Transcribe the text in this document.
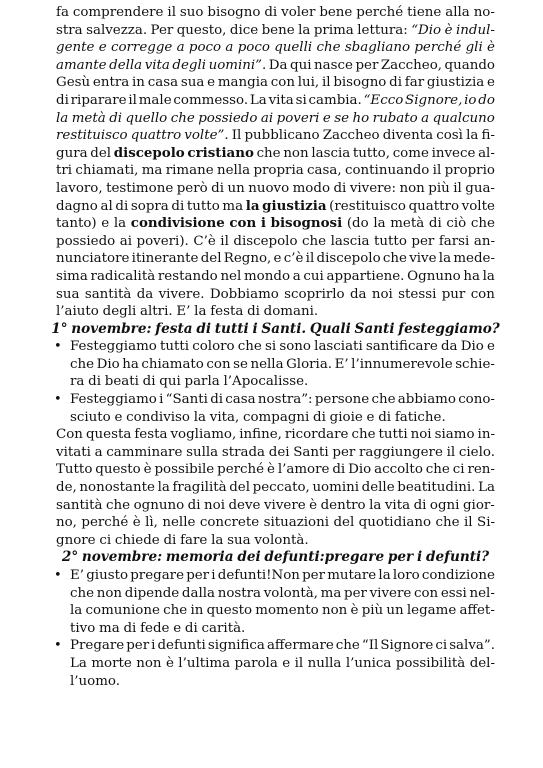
fa comprendere il suo bisogno di voler bene perché tiene alla no-
stra salvezza. Per questo, dice bene la prima lettura: “Dio è indul-
gente e corregge a poco a poco quelli che sbagliano perché gli è
amante della vita degli uomini”. Da qui nasce per Zaccheo, quando
Gesù entra in casa sua e mangia con lui, il bisogno di far giustizia e
di riparare il male commesso. La vita si cambia. “Ecco Signore, io do
la metà di quello che possiedo ai poveri e se ho rubato a qualcuno
restituisco quattro volte”. Il pubblicano Zaccheo diventa così la fi-
gura del discepolo cristiano che non lascia tutto, come invece al-
tri chiamati, ma rimane nella propria casa, continuando il proprio
lavoro, testimone però di un nuovo modo di vivere: non più il gua-
dagno al di sopra di tutto ma la giustizia (restituisco quattro volte
tanto) e la condivisione con i bisognosi (do la metà di ciò che
possiedo ai poveri). C’è il discepolo che lascia tutto per farsi an-
nunciatore itinerante del Regno, e c’è il discepolo che vive la mede-
sima radicalità restando nel mondo a cui appartiene. Ognuno ha la
sua santità da vivere. Dobbiamo scoprirlo da noi stessi pur con
l’aiuto degli altri. E’ la festa di domani.
1° novembre: festa di tutti i Santi. Quali Santi festeggiamo?
• Festeggiamo tutti coloro che si sono lasciati santificare da Dio e
che Dio ha chiamato con se nella Gloria. E’ l’innumerevole schie-
ra di beati di qui parla l’Apocalisse.
• Festeggiamo i “Santi di casa nostra”: persone che abbiamo cono-
sciuto e condiviso la vita, compagni di gioie e di fatiche.
Con questa festa vogliamo, infine, ricordare che tutti noi siamo in-
vitati a camminare sulla strada dei Santi per raggiungere il cielo.
Tutto questo è possibile perché è l’amore di Dio accolto che ci ren-
de, nonostante la fragilità del peccato, uomini delle beatitudini. La
santità che ognuno di noi deve vivere è dentro la vita di ogni gior-
no, perché è lì, nelle concrete situazioni del quotidiano che il Si-
gnore ci chiede di fare la sua volontà.
2° novembre: memoria dei defunti:pregare per i defunti?
• E’ giusto pregare per i defunti!Non per mutare la loro condizione
che non dipende dalla nostra volontà, ma per vivere con essi nel-
la comunione che in questo momento non è più un legame affet-
tivo ma di fede e di carità.
• Pregare per i defunti significa affermare che “Il Signore ci salva”.
La morte non è l’ultima parola e il nulla l’unica possibilità del-
l’uomo.
